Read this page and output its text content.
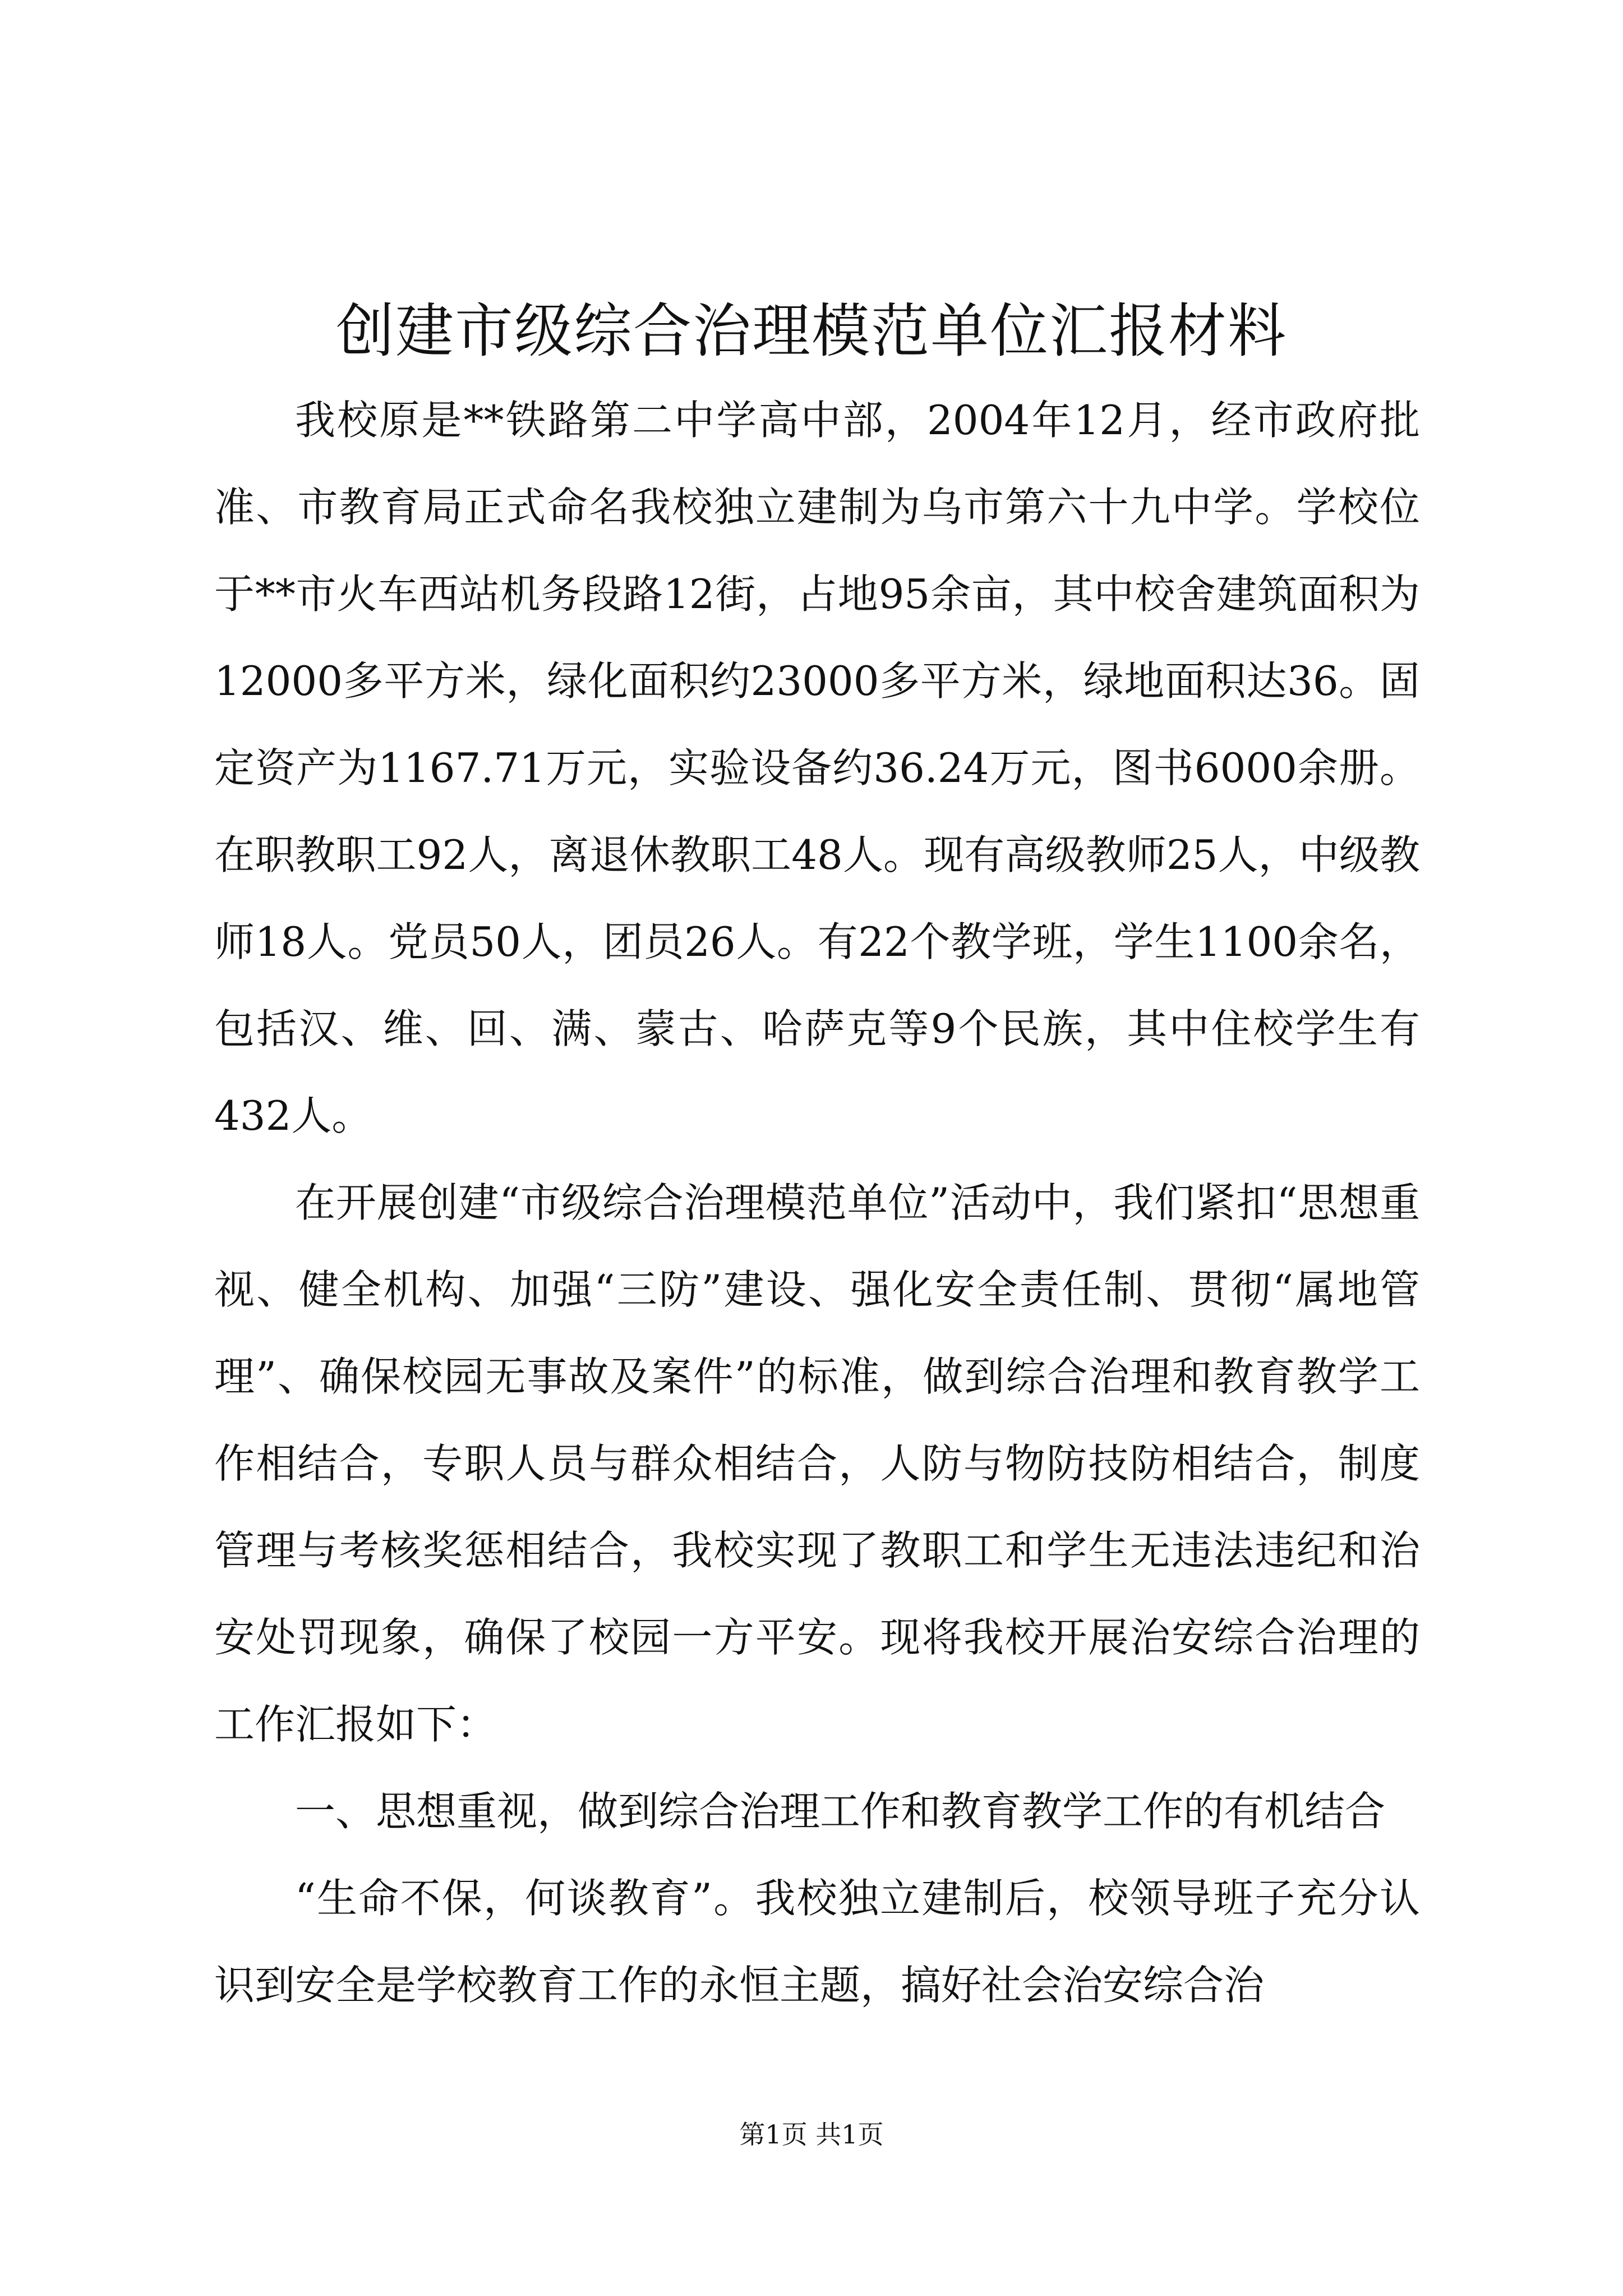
创建市级综合治理模范单位汇报材料

我校原是**铁路第二中学高中部，2004年12月，经市政府批准、市教育局正式命名我校独立建制为乌市第六十九中学。学校位于**市火车西站机务段路12街，占地95余亩，其中校舍建筑面积为12000多平方米，绿化面积约23000多平方米，绿地面积达36。固定资产为1167.71万元，实验设备约36.24万元，图书6000余册。在职教职工92人，离退休教职工48人。现有高级教师25人，中级教师18人。党员50人，团员26人。有22个教学班，学生1100余名，包括汉、维、回、满、蒙古、哈萨克等9个民族，其中住校学生有432人。

在开展创建“市级综合治理模范单位”活动中，我们紧扣“思想重视、健全机构、加强“三防”建设、强化安全责任制、贯彻“属地管理”、确保校园无事故及案件”的标准，做到综合治理和教育教学工作相结合，专职人员与群众相结合，人防与物防技防相结合，制度管理与考核奖惩相结合，我校实现了教职工和学生无违法违纪和治安处罚现象，确保了校园一方平安。现将我校开展治安综合治理的工作汇报如下：

一、思想重视，做到综合治理工作和教育教学工作的有机结合

“生命不保，何谈教育”。我校独立建制后，校领导班子充分认识到安全是学校教育工作的永恒主题，搞好社会治安综合治

第1页 共1页
